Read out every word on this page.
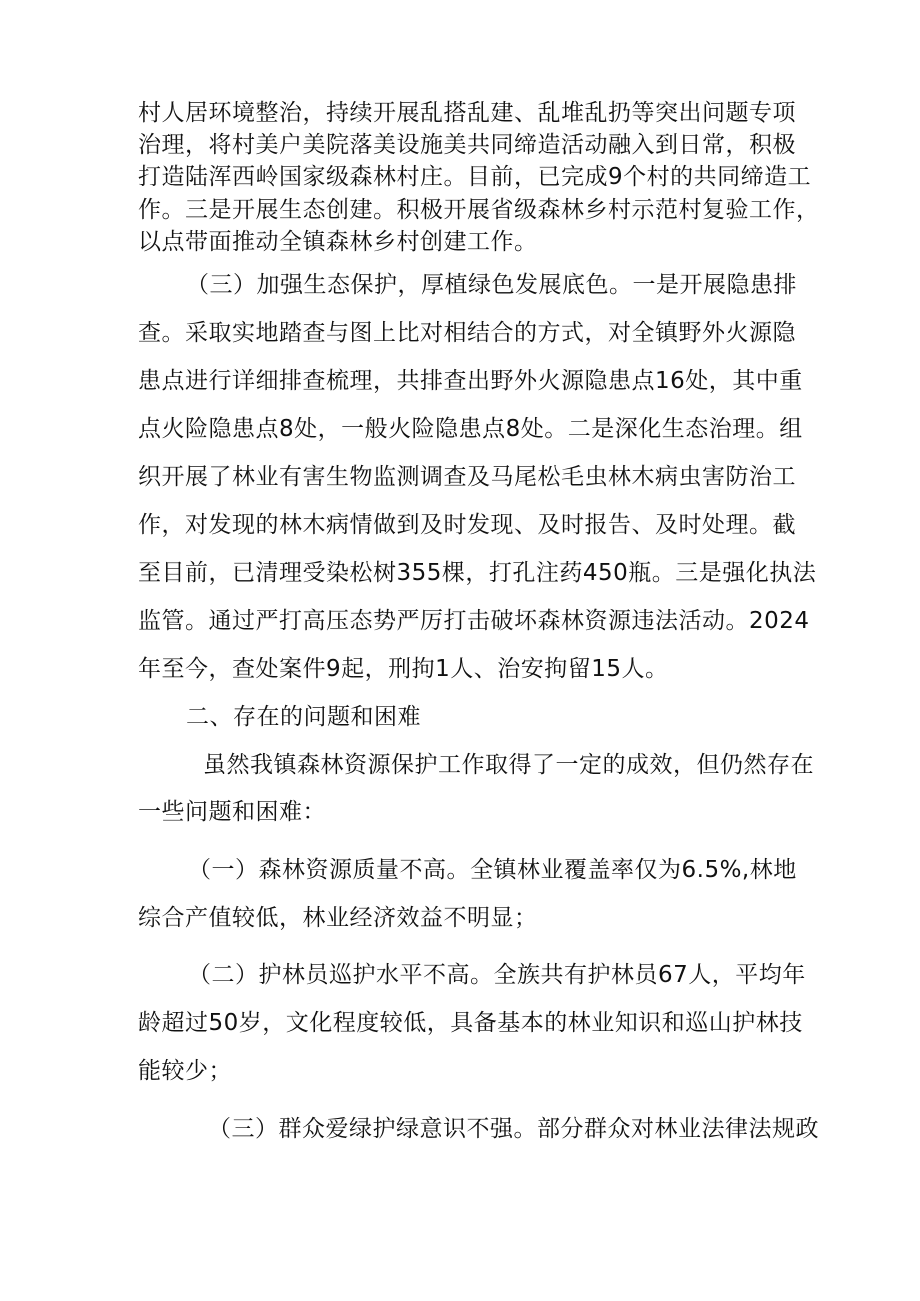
村人居环境整治，持续开展乱搭乱建、乱堆乱扔等突出问题专项
治理，将村美户美院落美设施美共同缔造活动融入到日常，积极
打造陆浑西岭国家级森林村庄。目前，已完成9个村的共同缔造工
作。三是开展生态创建。积极开展省级森林乡村示范村复验工作，
以点带面推动全镇森林乡村创建工作。
（三）加强生态保护，厚植绿色发展底色。一是开展隐患排
查。采取实地踏查与图上比对相结合的方式，对全镇野外火源隐
患点进行详细排查梳理，共排查出野外火源隐患点16处，其中重
点火险隐患点8处，一般火险隐患点8处。二是深化生态治理。组
织开展了林业有害生物监测调查及马尾松毛虫林木病虫害防治工
作，对发现的林木病情做到及时发现、及时报告、及时处理。截
至目前，已清理受染松树355棵，打孔注药450瓶。三是强化执法
监管。通过严打高压态势严厉打击破坏森林资源违法活动。2024
年至今，查处案件9起，刑拘1人、治安拘留15人。
二、存在的问题和困难
虽然我镇森林资源保护工作取得了一定的成效，但仍然存在
一些问题和困难：
（一）森林资源质量不高。全镇林业覆盖率仅为6.5%,林地
综合产值较低，林业经济效益不明显；
（二）护林员巡护水平不高。全族共有护林员67人，平均年
龄超过50岁，文化程度较低，具备基本的林业知识和巡山护林技
能较少；
（三）群众爱绿护绿意识不强。部分群众对林业法律法规政
